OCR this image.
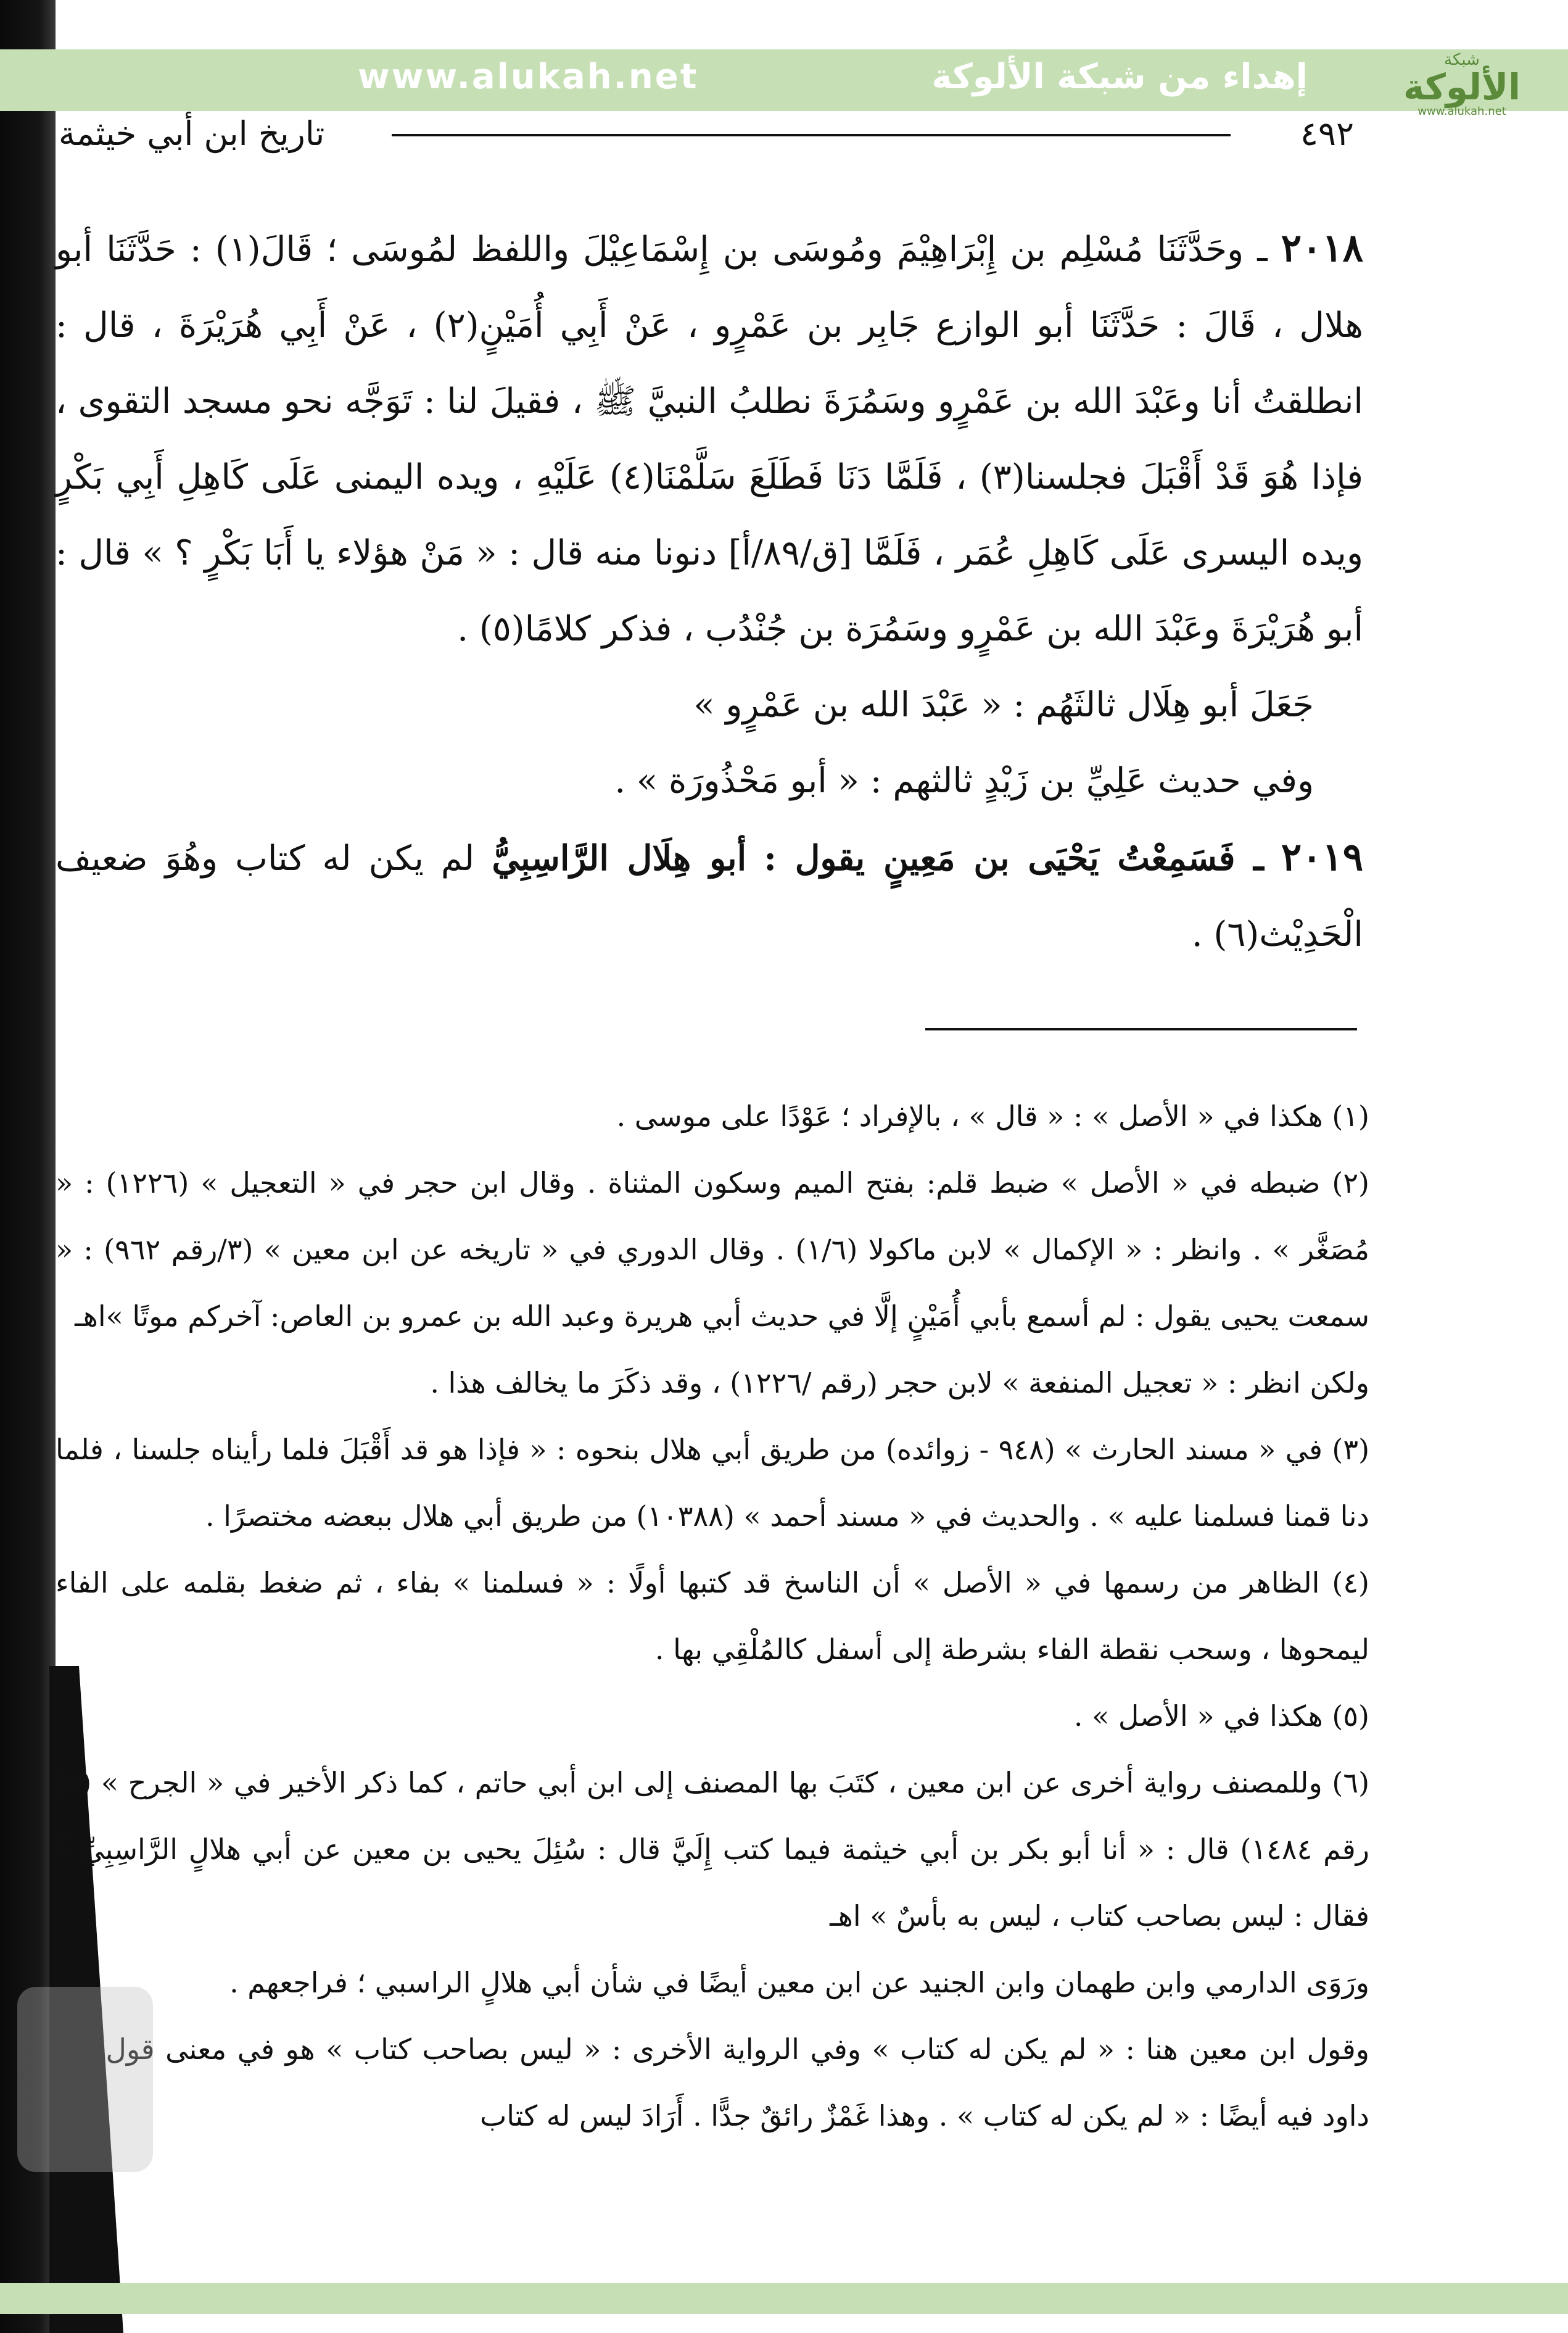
www.alukah.net	إهداء من شبكة الألوكة	شبكة
الألوكة
www.alukah.net
٤٩٢
تاريخ ابن أبي خيثمة

٢٠١٨ ـ وحَدَّثَنَا مُسْلِم بن إِبْرَاهِيْمَ ومُوسَى بن إِسْمَاعِيْلَ واللفظ لمُوسَى ؛ قَالَ(١) : حَدَّثَنَا أبو هلال ، قَالَ : حَدَّثَنَا أبو الوازع جَابِر بن عَمْرٍو ، عَنْ أَبِي أُمَيْنٍ(٢) ، عَنْ أَبِي هُرَيْرَةَ ، قال : انطلقتُ أنا وعَبْدَ الله بن عَمْرٍو وسَمُرَةَ نطلبُ النبيَّ ﷺ ، فقيلَ لنا : تَوَجَّه نحو مسجد التقوى ، فإذا هُوَ قَدْ أَقْبَلَ فجلسنا(٣) ، فَلَمَّا دَنَا فَطَلَعَ سَلَّمْنَا(٤) عَلَيْهِ ، ويده اليمنى عَلَى كَاهِلِ أَبِي بَكْرٍ ويده اليسرى عَلَى كَاهِلِ عُمَر ، فَلَمَّا [ق/٨٩/أ] دنونا منه قال : « مَنْ هؤلاء يا أَبَا بَكْرٍ ؟ » قال : أبو هُرَيْرَةَ وعَبْدَ الله بن عَمْرٍو وسَمُرَة بن جُنْدُب ، فذكر كلامًا(٥) .

جَعَلَ أبو هِلَال ثالثَهُم : « عَبْدَ الله بن عَمْرٍو »

وفي حديث عَلِيِّ بن زَيْدٍ ثالثهم : « أبو مَحْذُورَة » .

٢٠١٩ ـ فَسَمِعْتُ يَحْيَى بن مَعِينٍ يقول : أبو هِلَال الرَّاسِبِيُّ لم يكن له كتاب وهُوَ ضعيف الْحَدِيْث(٦) .

(١) هكذا في « الأصل » : « قال » ، بالإفراد ؛ عَوْدًا على موسى .

(٢) ضبطه في « الأصل » ضبط قلم: بفتح الميم وسكون المثناة . وقال ابن حجر في « التعجيل » (١٢٢٦) : « مُصَغَّر » . وانظر : « الإكمال » لابن ماكولا (١/٦) . وقال الدوري في « تاريخه عن ابن معين » (٣/رقم ٩٦٢) : « سمعت يحيى يقول : لم أسمع بأبي أُمَيْنٍ إلَّا في حديث أبي هريرة وعبد الله بن عمرو بن العاص: آخركم موتًا »اهـ

ولكن انظر : « تعجيل المنفعة » لابن حجر (رقم /١٢٢٦) ، وقد ذكَرَ ما يخالف هذا .

(٣) في « مسند الحارث » (٩٤٨ - زوائده) من طريق أبي هلال بنحوه : « فإذا هو قد أَقْبَلَ فلما رأيناه جلسنا ، فلما دنا قمنا فسلمنا عليه » . والحديث في « مسند أحمد » (١٠٣٨٨) من طريق أبي هلال ببعضه مختصرًا .

(٤) الظاهر من رسمها في « الأصل » أن الناسخ قد كتبها أولًا : « فسلمنا » بفاء ، ثم ضغط بقلمه على الفاء ليمحوها ، وسحب نقطة الفاء بشرطة إلى أسفل كالمُلْقِي بها .

(٥) هكذا في « الأصل » .

(٦) وللمصنف رواية أخرى عن ابن معين ، كتَبَ بها المصنف إلى ابن أبي حاتم ، كما ذكر الأخير في « الجرح » (٧/رقم ١٤٨٤) قال : « أنا أبو بكر بن أبي خيثمة فيما كتب إِلَيَّ قال : سُئِلَ يحيى بن معين عن أبي هلالٍ الرَّاسِبِيِّ ؟ فقال : ليس بصاحب كتاب ، ليس به بأسٌ » اهـ

ورَوَى الدارمي وابن طهمان وابن الجنيد عن ابن معين أيضًا في شأن أبي هلالٍ الراسبي ؛ فراجعهم .

وقول ابن معين هنا : « لم يكن له كتاب » وفي الرواية الأخرى : « ليس بصاحب كتاب » هو في معنى قول أبي داود فيه أيضًا : « لم يكن له كتاب » . وهذا غَمْزٌ رائقٌ جدًّا . أَرَادَ ليس له كتاب
